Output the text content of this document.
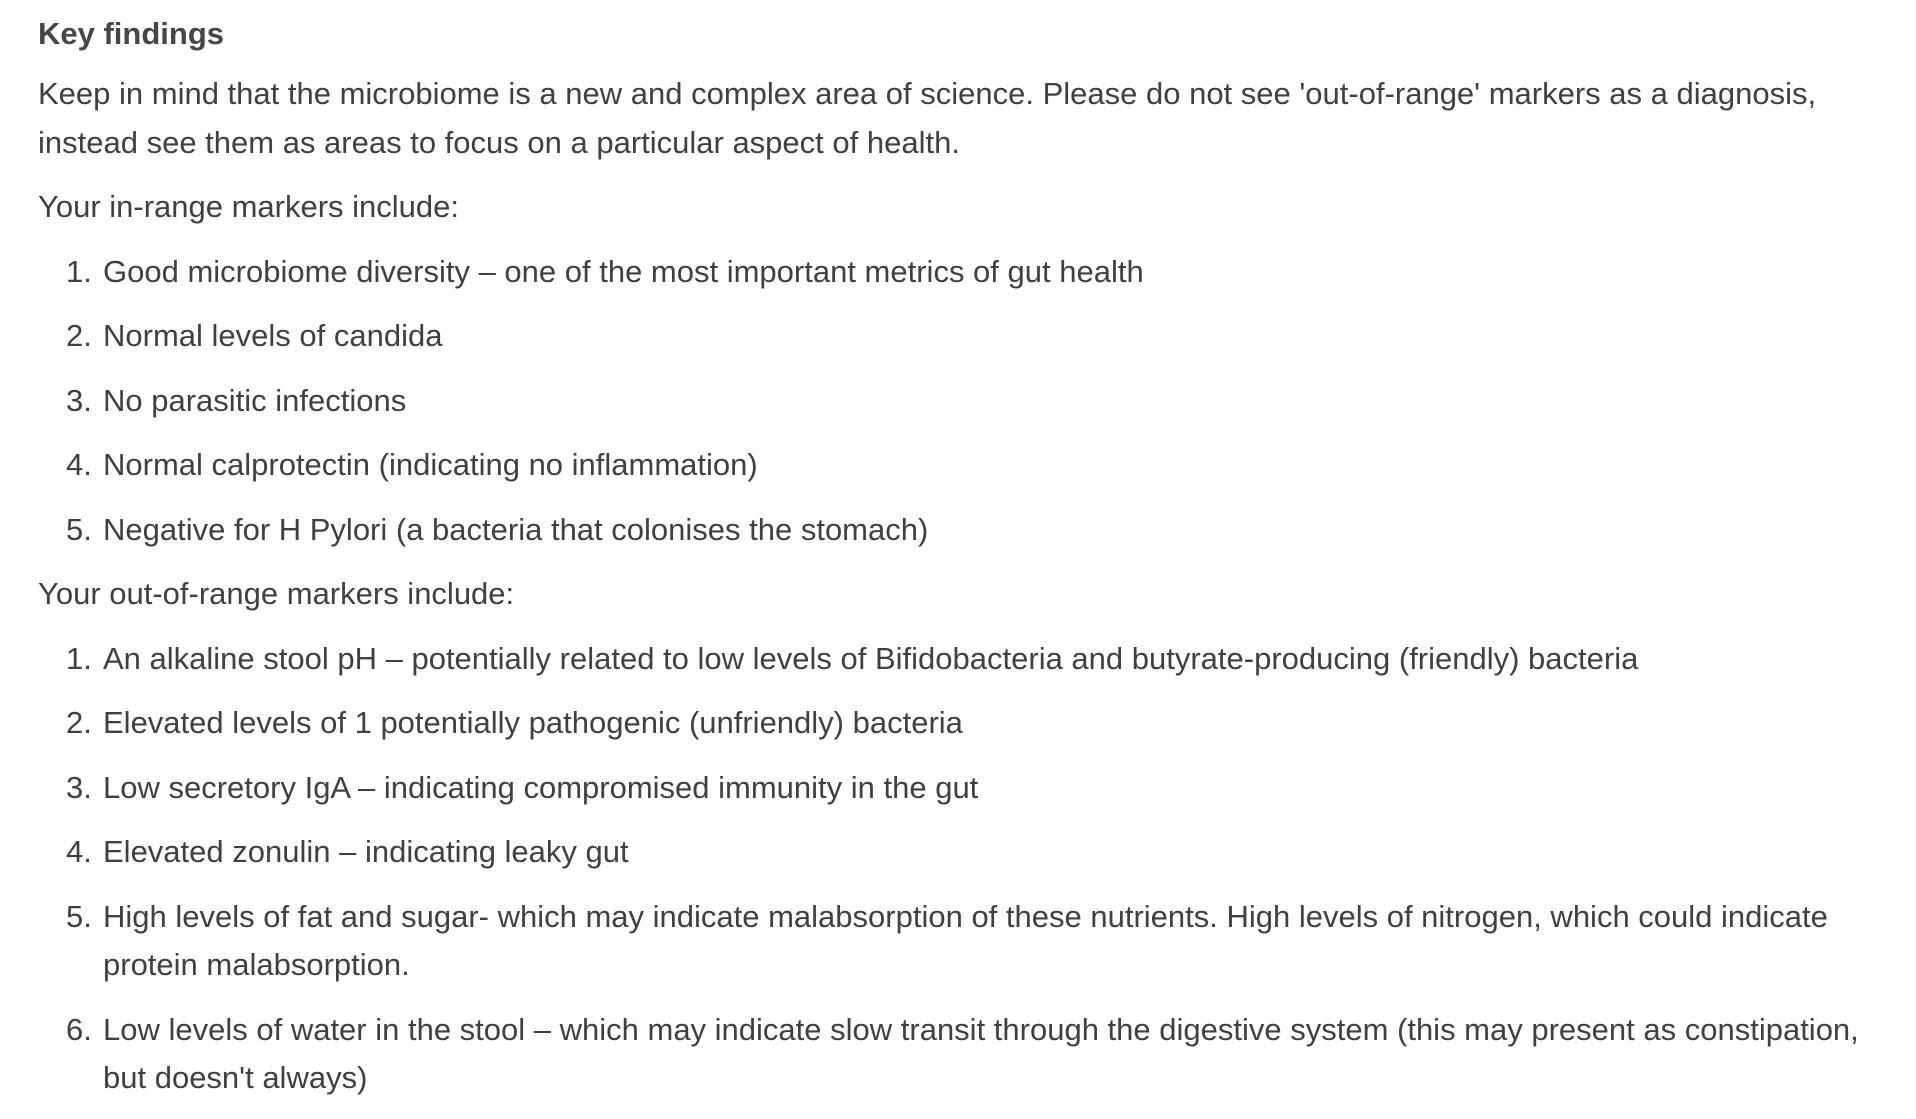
Key findings

Keep in mind that the microbiome is a new and complex area of science. Please do not see 'out-of-range' markers as a diagnosis, instead see them as areas to focus on a particular aspect of health.

Your in-range markers include:

1. Good microbiome diversity – one of the most important metrics of gut health
2. Normal levels of candida
3. No parasitic infections
4. Normal calprotectin (indicating no inflammation)
5. Negative for H Pylori (a bacteria that colonises the stomach)

Your out-of-range markers include:

1. An alkaline stool pH – potentially related to low levels of Bifidobacteria and butyrate-producing (friendly) bacteria
2. Elevated levels of 1 potentially pathogenic (unfriendly) bacteria
3. Low secretory IgA – indicating compromised immunity in the gut
4. Elevated zonulin – indicating leaky gut
5. High levels of fat and sugar- which may indicate malabsorption of these nutrients. High levels of nitrogen, which could indicate protein malabsorption.
6. Low levels of water in the stool – which may indicate slow transit through the digestive system (this may present as constipation, but doesn't always)
